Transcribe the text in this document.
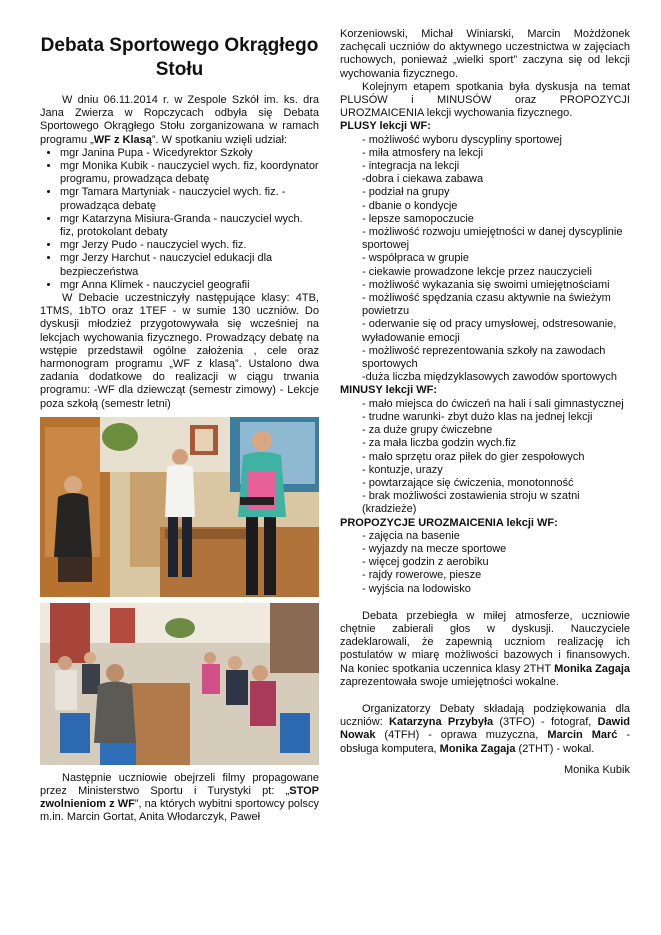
Debata Sportowego Okrągłego Stołu

W dniu 06.11.2014 r. w Zespole Szkół im. ks. dra Jana Zwierza w Ropczycach odbyła się Debata Sportowego Okrągłego Stołu zorganizowana w ramach programu „WF z Klasą”. W spotkaniu wzięli udział:

• mgr Janina Pupa - Wicedyrektor Szkoły
• mgr Monika Kubik - nauczyciel wych. fiz, koordynator programu, prowadząca debatę
• mgr Tamara Martyniak - nauczyciel wych. fiz. - prowadząca debatę
• mgr Katarzyna Misiura-Granda - nauczyciel wych. fiz, protokolant debaty
• mgr Jerzy Pudo - nauczyciel wych. fiz.
• mgr Jerzy Harchut - nauczyciel edukacji dla bezpieczeństwa
• mgr Anna Klimek - nauczyciel geografii

W Debacie uczestniczyły następujące klasy: 4TB, 1TMS, 1bTO oraz 1TEF - w sumie 130 uczniów. Do dyskusji młodzież przygotowywała się wcześniej na lekcjach wychowania fizycznego. Prowadzący debatę na wstępie przedstawił ogólne założenia , cele oraz harmonogram programu „WF z klasą”. Ustalono dwa zadania dodatkowe do realizacji w ciągu trwania programu: -WF dla dziewcząt (semestr zimowy) - Lekcje poza szkołą (semestr letni)

Następnie uczniowie obejrzeli filmy propagowane przez Ministerstwo Sportu i Turystyki pt: „STOP zwolnieniom z WF”, na których wybitni sportowcy polscy m.in. Marcin Gortat, Anita Włodarczyk, Paweł

Korzeniowski, Michał Winiarski, Marcin Możdżonek zachęcali uczniów do aktywnego uczestnictwa w zajęciach ruchowych, ponieważ „wielki sport” zaczyna się od lekcji wychowania fizycznego.

Kolejnym etapem spotkania była dyskusja na temat PLUSÓW i MINUSÓW oraz PROPOZYCJI UROZMAICENIA lekcji wychowania fizycznego.

PLUSY lekcji WF:

- możliwość wyboru dyscypliny sportowej
- miła atmosfery na lekcji
- integracja na lekcji
-dobra i ciekawa zabawa
- podział na grupy
- dbanie o kondycje
- lepsze samopoczucie
- możliwość rozwoju umiejętności w danej dyscyplinie sportowej
- współpraca w grupie
- ciekawie prowadzone lekcje przez nauczycieli
- możliwość wykazania się swoimi umiejętnościami
- możliwość spędzania czasu aktywnie na świeżym powietrzu
- oderwanie się od pracy umysłowej, odstresowanie, wyładowanie emocji
- możliwość reprezentowania szkoły na zawodach sportowych
-duża liczba międzyklasowych zawodów sportowych

MINUSY lekcji WF:

- mało miejsca do ćwiczeń na hali i sali gimnastycznej
- trudne warunki- zbyt dużo klas na jednej lekcji
- za duże grupy ćwiczebne
- za mała liczba godzin wych.fiz
- mało sprzętu oraz piłek do gier zespołowych
- kontuzje, urazy
- powtarzające się ćwiczenia, monotonność
- brak możliwości zostawienia stroju w szatni (kradzieże)

PROPOZYCJE UROZMAICENIA lekcji WF:

- zajęcia na basenie
- wyjazdy na mecze sportowe
- więcej godzin z aerobiku
- rajdy rowerowe, piesze
- wyjścia na lodowisko

Debata przebiegła w miłej atmosferze, uczniowie chętnie zabierali głos w dyskusji. Nauczyciele zadeklarowali, że zapewnią uczniom realizację ich postulatów w miarę możliwości bazowych i finansowych. Na koniec spotkania uczennica klasy 2THT Monika Zagaja zaprezentowała swoje umiejętności wokalne.

Organizatorzy Debaty składają podziękowania dla uczniów: Katarzyna Przybyła (3TFO) - fotograf, Dawid Nowak (4TFH) - oprawa muzyczna, Marcin Marć - obsługa komputera, Monika Zagaja (2THT) - wokal.

Monika Kubik
